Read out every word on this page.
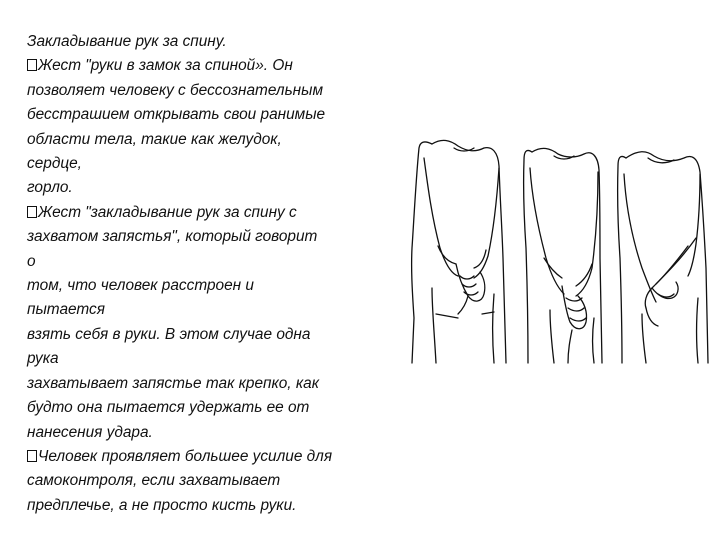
Закладывание рук за спину.
Жест "руки в замок за спиной». Он
позволяет человеку с бессознательным
бесстрашием открывать свои ранимые
области тела, такие как желудок,
сердце,
горло.
Жест "закладывание рук за спину с
захватом запястья", который говорит
о
том, что человек расстроен и
пытается
взять себя в руки. В этом случае одна
рука
захватывает запястье так крепко, как
будто она пытается удержать ее от
нанесения удара.
Человек проявляет большее усилие для
самоконтроля, если захватывает
предплечье, а не просто кисть руки.
